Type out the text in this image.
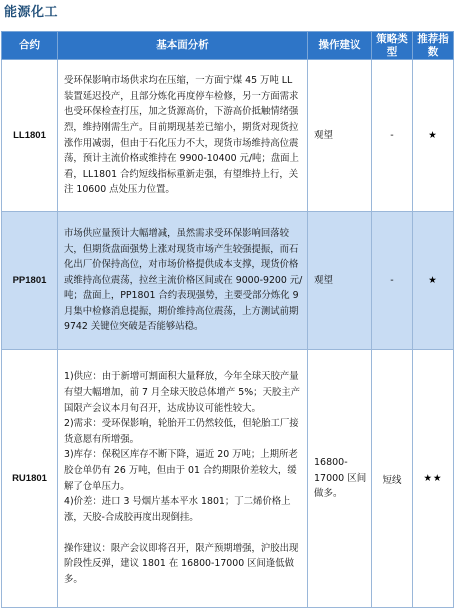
能源化工
合约	基本面分析	操作建议	策略类型	推荐指数
LL1801	受环保影响市场供求均在压缩，一方面宁煤 45 万吨 LL 装置延迟投产，且部分炼化再度停车检修，另一方面需求也受环保检查打压，加之货源高价，下游高价抵触情绪强烈，维持刚需生产。目前期现基差已缩小，期货对现货拉涨作用减弱，但由于石化压力不大，现货市场维持高位震荡，预计主流价格或维持在 9900-10400 元/吨；盘面上看，LL1801 合约短线指标重新走强，有望维持上行，关注 10600 点处压力位置。	观望	-	★
PP1801	市场供应量预计大幅增减，虽然需求受环保影响回落较大，但期货盘面强势上涨对现货市场产生较强提振，而石化出厂价保持高位，对市场价格提供成本支撑，现货价格或维持高位震荡，拉丝主流价格区间或在 9000-9200 元/吨；盘面上，PP1801 合约表现强势，主要受部分炼化 9 月集中检修消息提振，期价维持高位震荡，上方测试前期 9742 关键位突破是否能够站稳。	观望	-	★
RU1801	1)供应：由于新增可割面积大量释放，今年全球天胶产量有望大幅增加，前 7 月全球天胶总体增产 5%；天胶主产国限产会议本月旬召开，达成协议可能性较大。
2)需求：受环保影响，轮胎开工仍然较低，但轮胎工厂接货意愿有所增强。
3)库存：保税区库存不断下降，逼近 20 万吨；上期所老胶仓单仍有 26 万吨，但由于 01 合约期限价差较大，缓解了仓单压力。
4)价差：进口 3 号烟片基本平水 1801；丁二烯价格上涨，天胶-合成胶再度出现倒挂。
操作建议：限产会议即将召开，限产预期增强，沪胶出现阶段性反弹，建议 1801 在 16800-17000 区间逢低做多。	16800-17000 区间做多。	短线	★★
